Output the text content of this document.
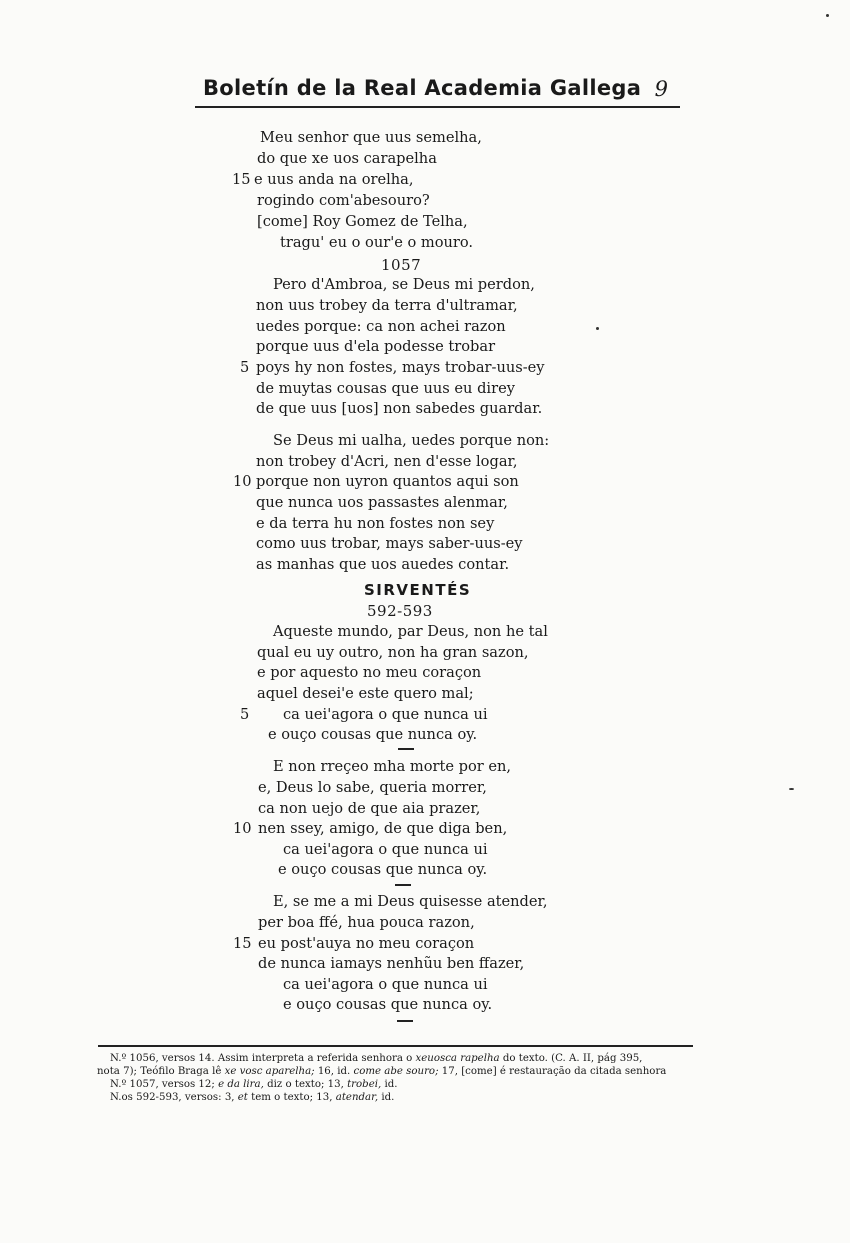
Boletín de la Real Academia Gallega 9
Meu senhor que uus semelha,
do que xe uos carapelha
15 e uus anda na orelha,
rogindo com'abesouro?
[come] Roy Gomez de Telha,
tragu' eu o our'e o mouro.
1057
Pero d'Ambroa, se Deus mi perdon,
non uus trobey da terra d'ultramar,
uedes porque: ca non achei razon
porque uus d'ela podesse trobar
5 poys hy non fostes, mays trobar-uus-ey
de muytas cousas que uus eu direy
de que uus [uos] non sabedes guardar.
Se Deus mi ualha, uedes porque non:
non trobey d'Acri, nen d'esse logar,
10 porque non uyron quantos aqui son
que nunca uos passastes alenmar,
e da terra hu non fostes non sey
como uus trobar, mays saber-uus-ey
as manhas que uos auedes contar.
SIRVENTÉS
592-593
Aqueste mundo, par Deus, non he tal
qual eu uy outro, non ha gran sazon,
e por aquesto no meu coraçon
aquel desei'e este quero mal;
5 ca uei'agora o que nunca ui
e ouço cousas que nunca oy.
E non rreçeo mha morte por en,
e, Deus lo sabe, queria morrer,
ca non uejo de que aia prazer,
10 nen ssey, amigo, de que diga ben,
ca uei'agora o que nunca ui
e ouço cousas que nunca oy.
E, se me a mi Deus quisesse atender,
per boa ffé, hua pouca razon,
15 eu post'auya no meu coraçon
de nunca iamays nenhũu ben ffazer,
ca uei'agora o que nunca ui
e ouço cousas que nunca oy.
N.º 1056, versos 14. Assim interpreta a referida senhora o xeuosca rapelha do texto. (C. A. II, pág 395,
nota 7); Teófilo Braga lê xe vosc aparelha; 16, id. come abe souro; 17, [come] é restauração da citada senhora
N.º 1057, versos 12; e da lira, diz o texto; 13, trobei, id.
N.os 592-593, versos: 3, et tem o texto; 13, atendar, id.
